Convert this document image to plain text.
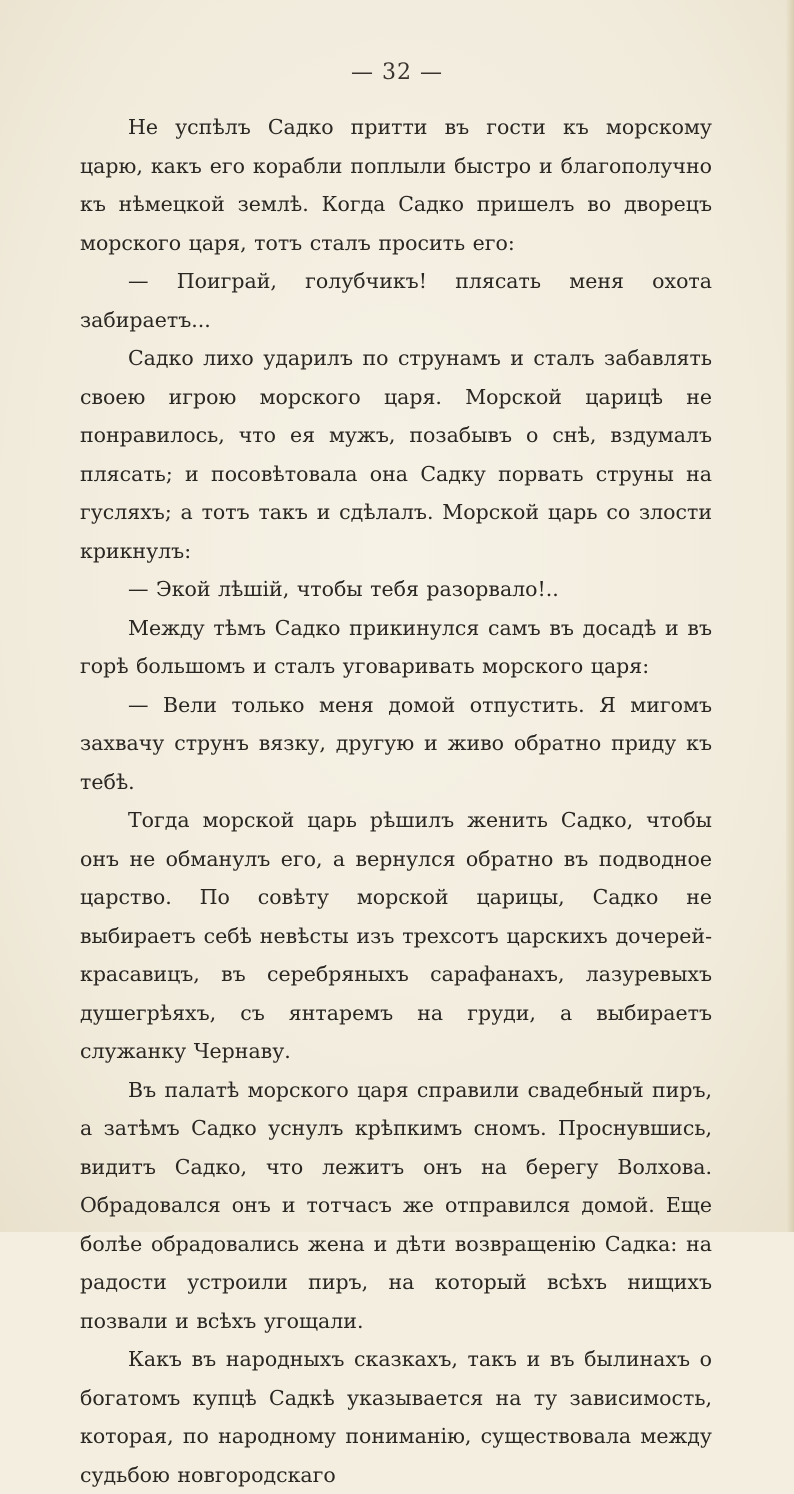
— 32 —

Не успѣлъ Садко притти въ гости къ морскому царю, какъ его корабли поплыли быстро и благополучно къ нѣмецкой землѣ. Когда Садко пришелъ во дворецъ морского царя, тотъ сталъ просить его:

— Поиграй, голубчикъ! плясать меня охота забираетъ...

Садко лихо ударилъ по струнамъ и сталъ забавлять своею игрою морского царя. Морской царицѣ не понравилось, что ея мужъ, позабывъ о снѣ, вздумалъ плясать; и посовѣтовала она Садку порвать струны на гусляхъ; а тотъ такъ и сдѣлалъ. Морской царь со злости крикнулъ:

— Экой лѣшій, чтобы тебя разорвало!..

Между тѣмъ Садко прикинулся самъ въ досадѣ и въ горѣ большомъ и сталъ уговаривать морского царя:

— Вели только меня домой отпустить. Я мигомъ захвачу струнъ вязку, другую и живо обратно приду къ тебѣ.

Тогда морской царь рѣшилъ женить Садко, чтобы онъ не обманулъ его, а вернулся обратно въ подводное царство. По совѣту морской царицы, Садко не выбираетъ себѣ невѣсты изъ трехсотъ царскихъ дочерей-красавицъ, въ серебряныхъ сарафанахъ, лазуревыхъ душегрѣяхъ, съ янтаремъ на груди, а выбираетъ служанку Чернаву.

Въ палатѣ морского царя справили свадебный пиръ, а затѣмъ Садко уснулъ крѣпкимъ сномъ. Проснувшись, видитъ Садко, что лежитъ онъ на берегу Волхова. Обрадовался онъ и тотчасъ же отправился домой. Еще болѣе обрадовались жена и дѣти возвращенію Садка: на радости устроили пиръ, на который всѣхъ нищихъ позвали и всѣхъ угощали.

Какъ въ народныхъ сказкахъ, такъ и въ былинахъ о богатомъ купцѣ Садкѣ указывается на ту зависимость, которая, по народному пониманію, существовала между судьбою новгородскаго
